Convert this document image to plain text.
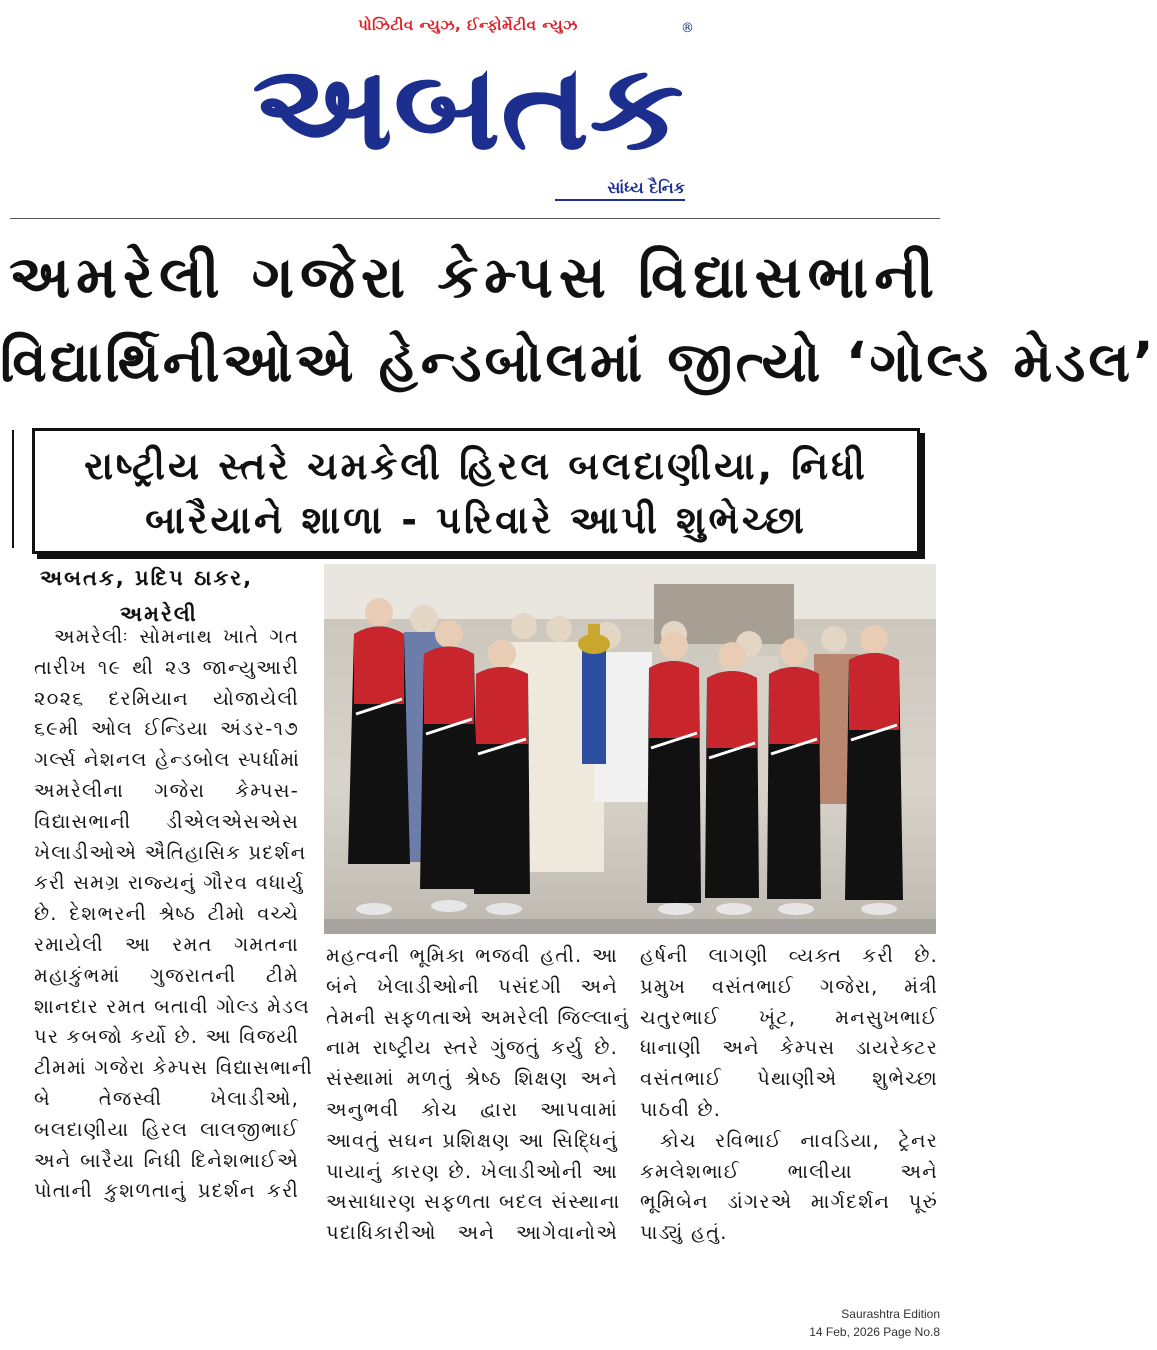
પોઝિટીવ ન્યુઝ, ઈન્ફોર્મેટીવ ન્યુઝ	®
અબતક
સાંધ્ય દૈનિક
અમરેલી ગજેરા કેમ્પસ વિદ્યાસભાની
વિદ્યાર્થિનીઓએ હેન્ડબોલમાં જીત્યો ‘ગોલ્ડ મેડલ’
રાષ્ટ્રીય સ્તરે ચમકેલી હિરલ બલદાણીયા, નિધી
બારૈયાને શાળા - પરિવારે આપી શુભેચ્છા
અબતક, પ્રદિપ ઠાકર,
અમરેલી
અમરેલીઃ સોમનાથ ખાતે ગત
તારીખ ૧૯ થી ૨૩ જાન્યુઆરી
૨૦૨૬ દરમિયાન યોજાયેલી
૬૯મી ઓલ ઈન્ડિયા અંડર-૧૭
ગર્લ્સ નેશનલ હેન્ડબોલ સ્પર્ધામાં
અમરેલીના ગજેરા કેમ્પસ-
વિદ્યાસભાની ડીએલએસએસ
ખેલાડીઓએ ઐતિહાસિક પ્રદર્શન
કરી સમગ્ર રાજ્યનું ગૌરવ વધાર્યુ
છે. દેશભરની શ્રેષ્ઠ ટીમો વચ્ચે
રમાયેલી આ રમત ગમતના
મહાકુંભમાં ગુજરાતની ટીમે
શાનદાર રમત બતાવી ગોલ્ડ મેડલ
પર કબજો કર્યો છે. આ વિજયી
ટીમમાં ગજેરા કેમ્પસ વિદ્યાસભાની
બે તેજસ્વી ખેલાડીઓ,
બલદાણીયા હિરલ લાલજીભાઈ
અને બારૈયા નિધી દિનેશભાઈએ
પોતાની કુશળતાનું પ્રદર્શન કરી
મહત્વની ભૂમિકા ભજવી હતી. આ
બંને ખેલાડીઓની પસંદગી અને
તેમની સફળતાએ અમરેલી જિલ્લાનું
નામ રાષ્ટ્રીય સ્તરે ગુંજતું કર્યુ છે.
સંસ્થામાં મળતું શ્રેષ્ઠ શિક્ષણ અને
અનુભવી કોચ દ્વારા આપવામાં
આવતું સઘન પ્રશિક્ષણ આ સિદ્ધિનું
પાયાનું કારણ છે. ખેલાડીઓની આ
અસાધારણ સફળતા બદલ સંસ્થાના
પદાધિકારીઓ અને આગેવાનોએ
હર્ષની લાગણી વ્યક્ત કરી છે.
પ્રમુખ વસંતભાઈ ગજેરા, મંત્રી
ચતુરભાઈ ખૂંટ, મનસુખભાઈ
ધાનાણી અને કેમ્પસ ડાયરેક્ટર
વસંતભાઈ પેથાણીએ શુભેચ્છા
પાઠવી છે.
કોચ રવિભાઈ નાવડિયા, ટ્રેનર
કમલેશભાઈ ભાલીયા અને
ભૂમિબેન ડાંગરએ માર્ગદર્શન પૂરું
પાડ્યું હતું.
Saurashtra Edition
14 Feb, 2026 Page No.8
